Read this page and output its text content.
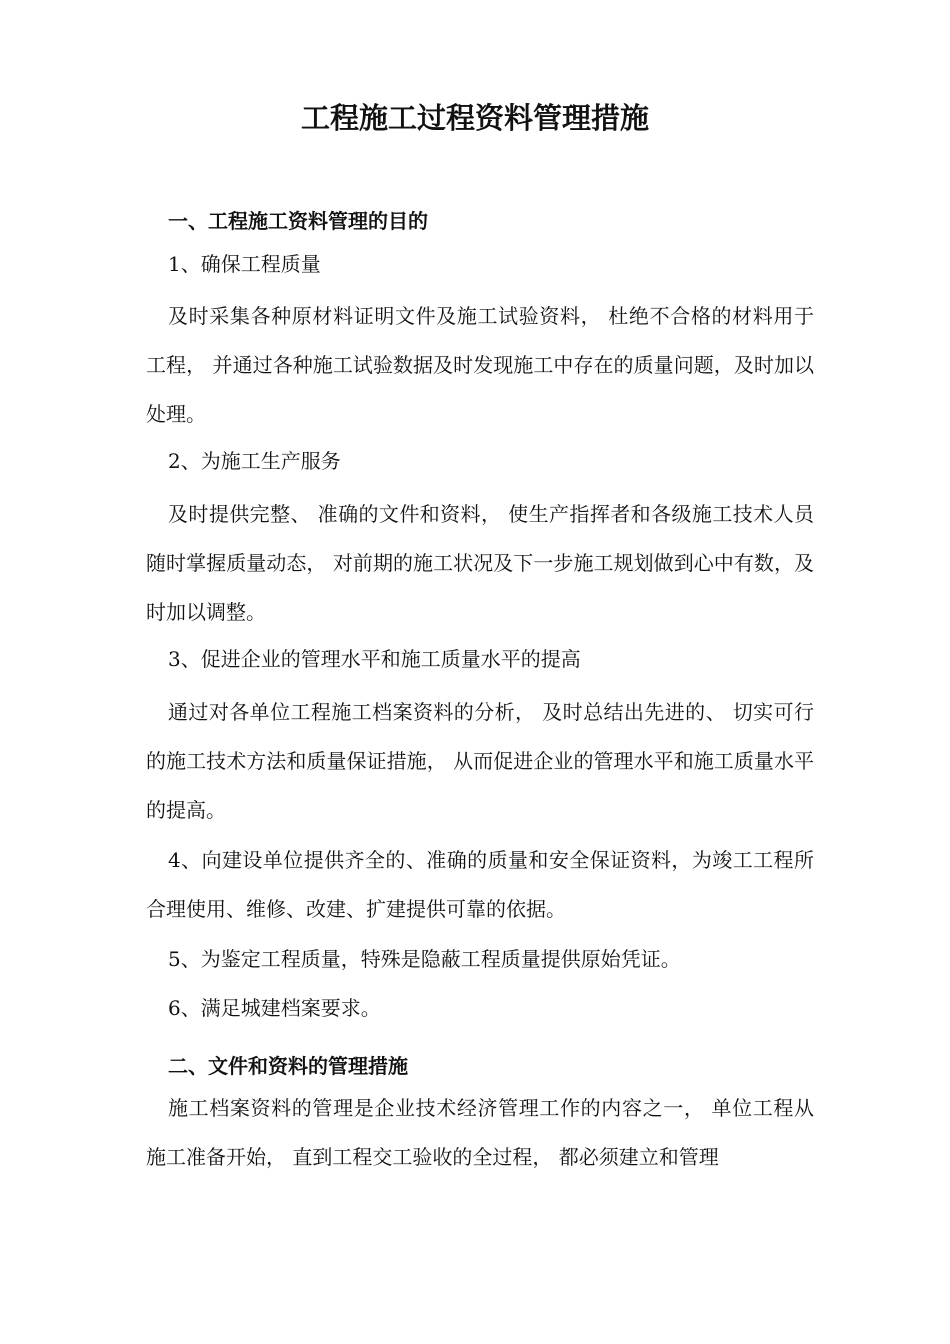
工程施工过程资料管理措施
一、工程施工资料管理的目的

1、确保工程质量

及时采集各种原材料证明文件及施工试验资料， 杜绝不合格的材料用于工程， 并通过各种施工试验数据及时发现施工中存在的质量问题，及时加以处理。

2、为施工生产服务

及时提供完整、 准确的文件和资料， 使生产指挥者和各级施工技术人员随时掌握质量动态， 对前期的施工状况及下一步施工规划做到心中有数，及时加以调整。

3、促进企业的管理水平和施工质量水平的提高

通过对各单位工程施工档案资料的分析， 及时总结出先进的、 切实可行的施工技术方法和质量保证措施， 从而促进企业的管理水平和施工质量水平的提高。

4、向建设单位提供齐全的、准确的质量和安全保证资料，为竣工工程所合理使用、维修、改建、扩建提供可靠的依据。

5、为鉴定工程质量，特殊是隐蔽工程质量提供原始凭证。

6、满足城建档案要求。

二、文件和资料的管理措施

施工档案资料的管理是企业技术经济管理工作的内容之一， 单位工程从施工准备开始， 直到工程交工验收的全过程， 都必须建立和管理
